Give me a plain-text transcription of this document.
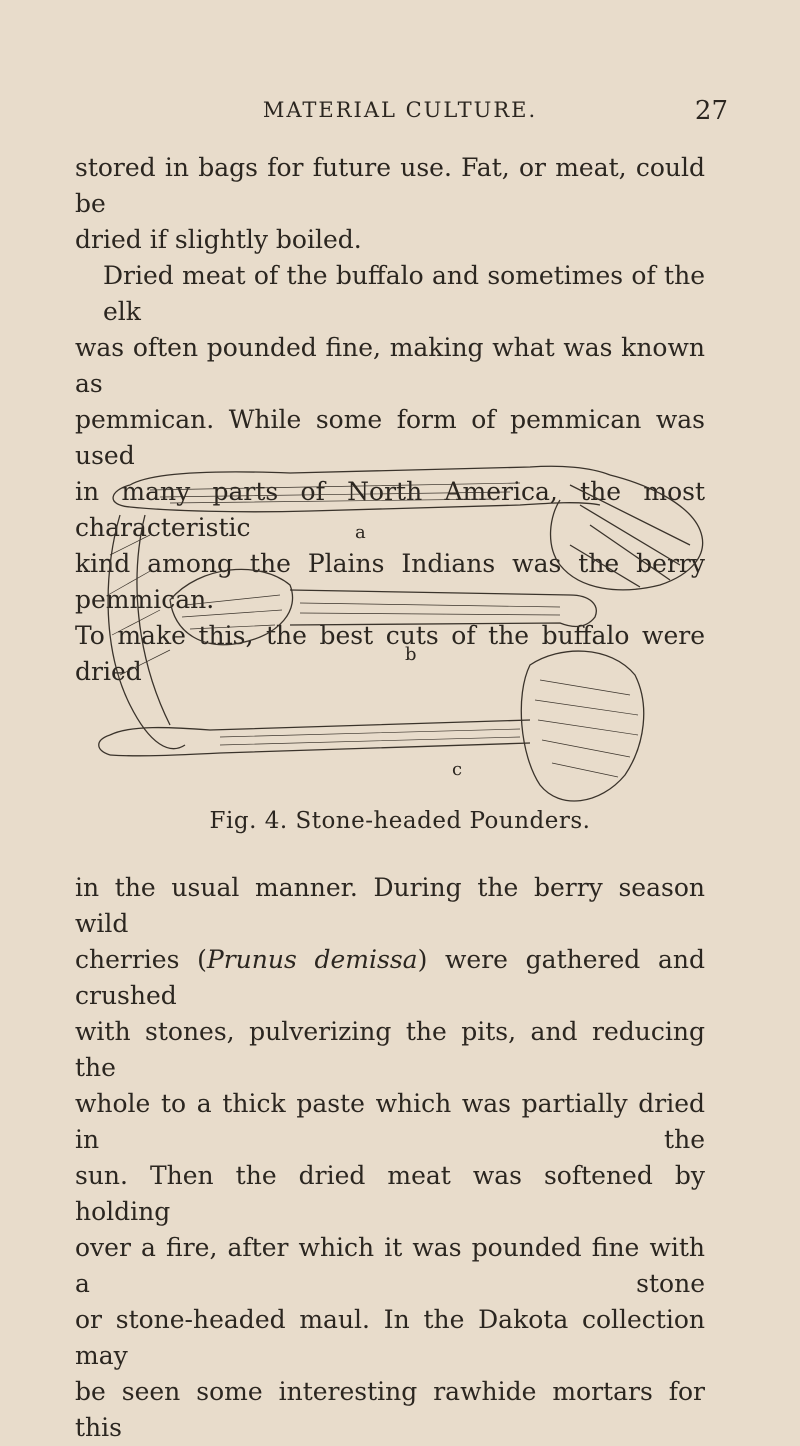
MATERIAL CULTURE.	27

stored in bags for future use. Fat, or meat, could be
dried if slightly boiled.
Dried meat of the buffalo and sometimes of the elk
was often pounded fine, making what was known as
pemmican. While some form of pemmican was used
in many parts of North America, the most characteristic
kind among the Plains Indians was the berry pemmican.
To make this, the best cuts of the buffalo were dried

a
b
c
Fig. 4. Stone-headed Pounders.

in the usual manner. During the berry season wild
cherries (Prunus demissa) were gathered and crushed
with stones, pulverizing the pits, and reducing the
whole to a thick paste which was partially dried in the
sun. Then the dried meat was softened by holding
over a fire, after which it was pounded fine with a stone
or stone-headed maul. In the Dakota collection may
be seen some interesting rawhide mortars for this
